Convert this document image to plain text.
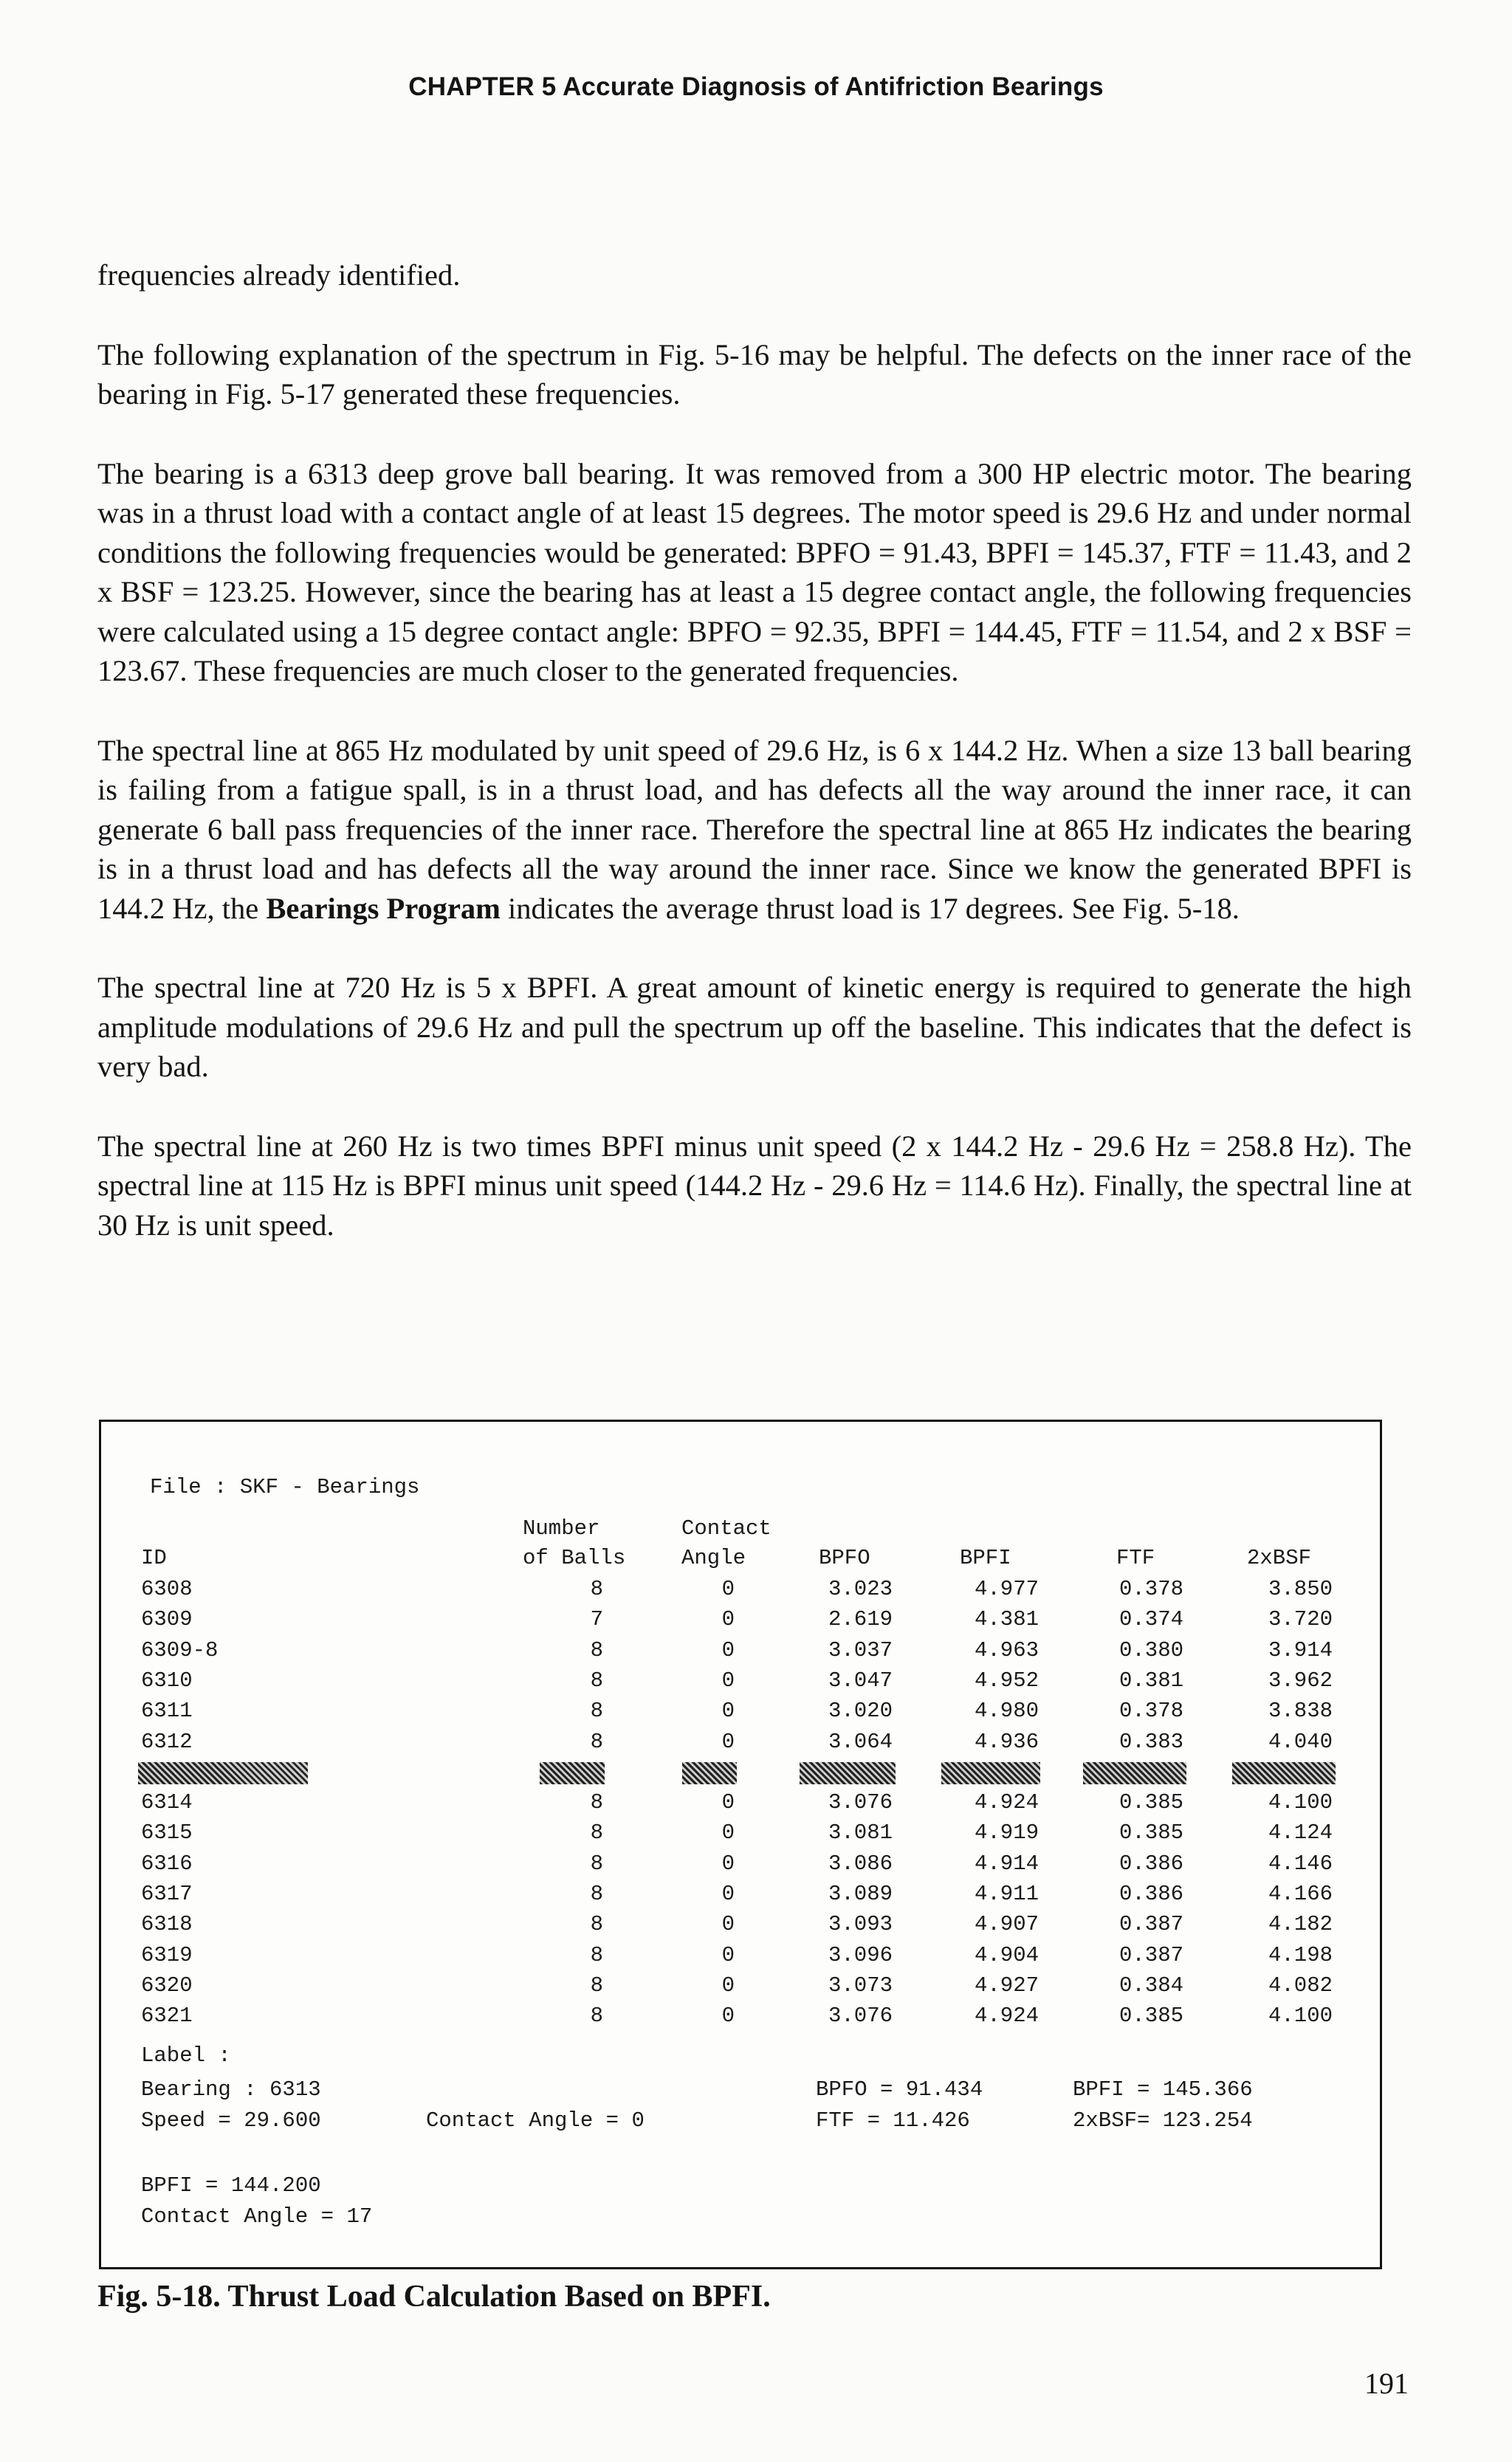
CHAPTER 5 Accurate Diagnosis of Antifriction Bearings

frequencies already identified.

The following explanation of the spectrum in Fig. 5-16 may be helpful. The defects on the inner race of the bearing in Fig. 5-17 generated these frequencies.

The bearing is a 6313 deep grove ball bearing. It was removed from a 300 HP electric motor. The bearing was in a thrust load with a contact angle of at least 15 degrees. The motor speed is 29.6 Hz and under normal conditions the following frequencies would be generated: BPFO = 91.43, BPFI = 145.37, FTF = 11.43, and 2 x BSF = 123.25. However, since the bearing has at least a 15 degree contact angle, the following frequencies were calculated using a 15 degree contact angle: BPFO = 92.35, BPFI = 144.45, FTF = 11.54, and 2 x BSF = 123.67. These frequencies are much closer to the generated frequencies.

The spectral line at 865 Hz modulated by unit speed of 29.6 Hz, is 6 x 144.2 Hz. When a size 13 ball bearing is failing from a fatigue spall, is in a thrust load, and has defects all the way around the inner race, it can generate 6 ball pass frequencies of the inner race. Therefore the spectral line at 865 Hz indicates the bearing is in a thrust load and has defects all the way around the inner race. Since we know the generated BPFI is 144.2 Hz, the Bearings Program indicates the average thrust load is 17 degrees. See Fig. 5-18.

The spectral line at 720 Hz is 5 x BPFI. A great amount of kinetic energy is required to generate the high amplitude modulations of 29.6 Hz and pull the spectrum up off the baseline. This indicates that the defect is very bad.

The spectral line at 260 Hz is two times BPFI minus unit speed (2 x 144.2 Hz - 29.6 Hz = 258.8 Hz). The spectral line at 115 Hz is BPFI minus unit speed (144.2 Hz - 29.6 Hz = 114.6 Hz). Finally, the spectral line at 30 Hz is unit speed.

File : SKF - Bearings
Number	Contact
ID	of Balls	Angle	BPFO	BPFI	FTF	2xBSF
6308	8	0	3.023	4.977	0.378	3.850
6309	7	0	2.619	4.381	0.374	3.720
6309-8	8	0	3.037	4.963	0.380	3.914
6310	8	0	3.047	4.952	0.381	3.962
6311	8	0	3.020	4.980	0.378	3.838
6312	8	0	3.064	4.936	0.383	4.040
6314	8	0	3.076	4.924	0.385	4.100
6315	8	0	3.081	4.919	0.385	4.124
6316	8	0	3.086	4.914	0.386	4.146
6317	8	0	3.089	4.911	0.386	4.166
6318	8	0	3.093	4.907	0.387	4.182
6319	8	0	3.096	4.904	0.387	4.198
6320	8	0	3.073	4.927	0.384	4.082
6321	8	0	3.076	4.924	0.385	4.100
Label :
Bearing : 6313	BPFO = 91.434	BPFI = 145.366
Speed = 29.600	Contact Angle = 0	FTF = 11.426	2xBSF= 123.254
BPFI = 144.200
Contact Angle = 17
Fig. 5-18. Thrust Load Calculation Based on BPFI.
191
